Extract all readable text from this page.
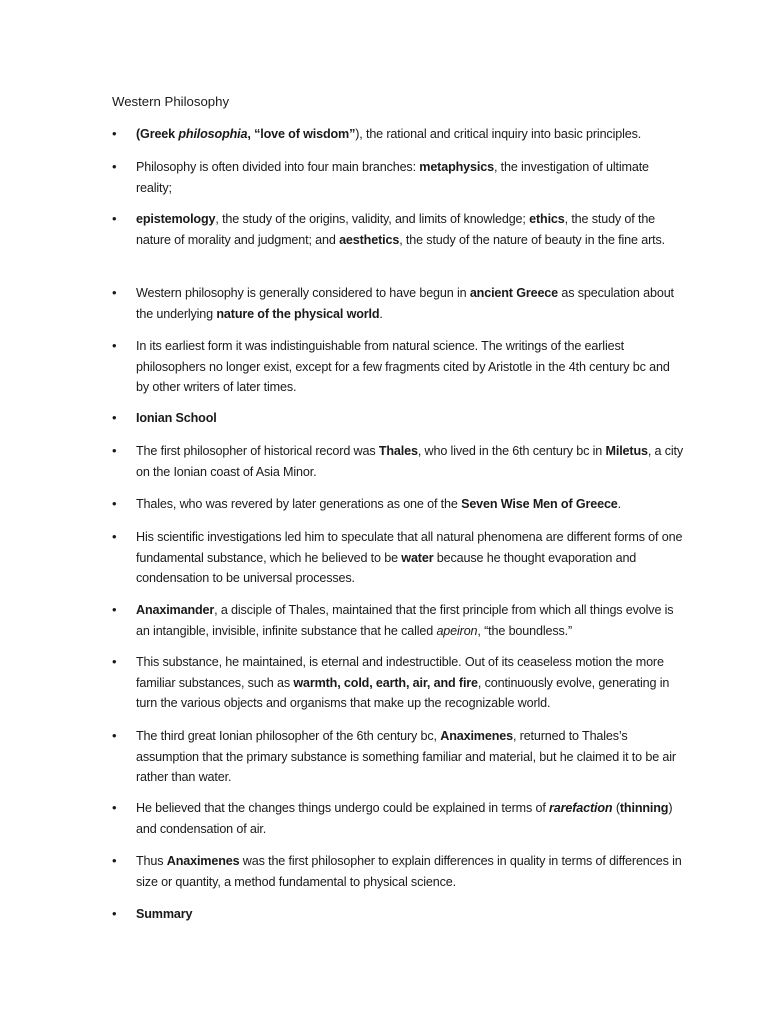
Western Philosophy
•	(Greek philosophia, “love of wisdom”), the rational and critical inquiry into basic principles.
•	Philosophy is often divided into four main branches: metaphysics, the investigation of ultimate reality;
•	epistemology, the study of the origins, validity, and limits of knowledge; ethics, the study of the nature of morality and judgment; and aesthetics, the study of the nature of beauty in the fine arts.
•	Western philosophy is generally considered to have begun in ancient Greece as speculation about the underlying nature of the physical world.
•	In its earliest form it was indistinguishable from natural science. The writings of the earliest philosophers no longer exist, except for a few fragments cited by Aristotle in the 4th century bc and by other writers of later times.
•	Ionian School
•	The first philosopher of historical record was Thales, who lived in the 6th century bc in Miletus, a city on the Ionian coast of Asia Minor.
•	Thales, who was revered by later generations as one of the Seven Wise Men of Greece.
•	His scientific investigations led him to speculate that all natural phenomena are different forms of one fundamental substance, which he believed to be water because he thought evaporation and condensation to be universal processes.
•	Anaximander, a disciple of Thales, maintained that the first principle from which all things evolve is an intangible, invisible, infinite substance that he called apeiron, “the boundless.”
•	This substance, he maintained, is eternal and indestructible. Out of its ceaseless motion the more familiar substances, such as warmth, cold, earth, air, and fire, continuously evolve, generating in turn the various objects and organisms that make up the recognizable world.
•	The third great Ionian philosopher of the 6th century bc, Anaximenes, returned to Thales’s assumption that the primary substance is something familiar and material, but he claimed it to be air rather than water.
•	He believed that the changes things undergo could be explained in terms of rarefaction (thinning) and condensation of air.
•	Thus Anaximenes was the first philosopher to explain differences in quality in terms of differences in size or quantity, a method fundamental to physical science.
•	Summary
